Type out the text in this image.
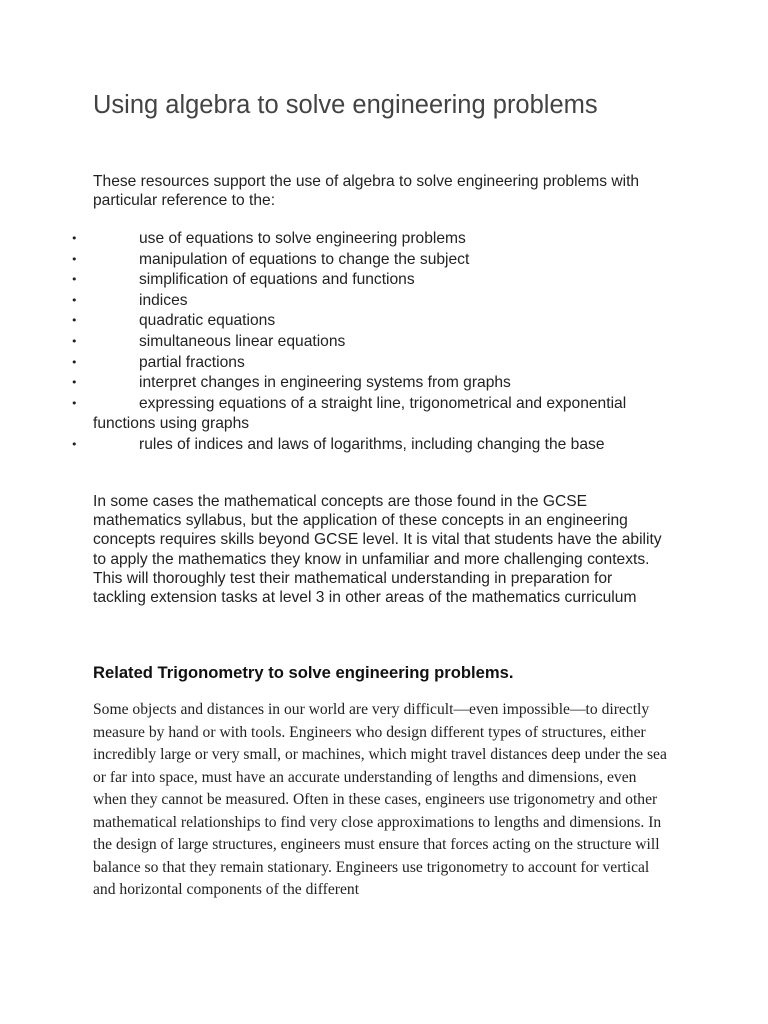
Using algebra to solve engineering problems

These resources support the use of algebra to solve engineering problems with particular reference to the:

•	use of equations to solve engineering problems
•	manipulation of equations to change the subject
•	simplification of equations and functions
•	indices
•	quadratic equations
•	simultaneous linear equations
•	partial fractions
•	interpret changes in engineering systems from graphs
•	expressing equations of a straight line, trigonometrical and exponential functions using graphs
•	rules of indices and laws of logarithms, including changing the base

In some cases the mathematical concepts are those found in the GCSE mathematics syllabus, but the application of these concepts in an engineering concepts requires skills beyond GCSE level. It is vital that students have the ability to apply the mathematics they know in unfamiliar and more challenging contexts. This will thoroughly test their mathematical understanding in preparation for tackling extension tasks at level 3 in other areas of the mathematics curriculum

Related Trigonometry to solve engineering problems.

Some objects and distances in our world are very difficult—even impossible—to directly measure by hand or with tools. Engineers who design different types of structures, either incredibly large or very small, or machines, which might travel distances deep under the sea or far into space, must have an accurate understanding of lengths and dimensions, even when they cannot be measured. Often in these cases, engineers use trigonometry and other mathematical relationships to find very close approximations to lengths and dimensions. In the design of large structures, engineers must ensure that forces acting on the structure will balance so that they remain stationary. Engineers use trigonometry to account for vertical and horizontal components of the different
